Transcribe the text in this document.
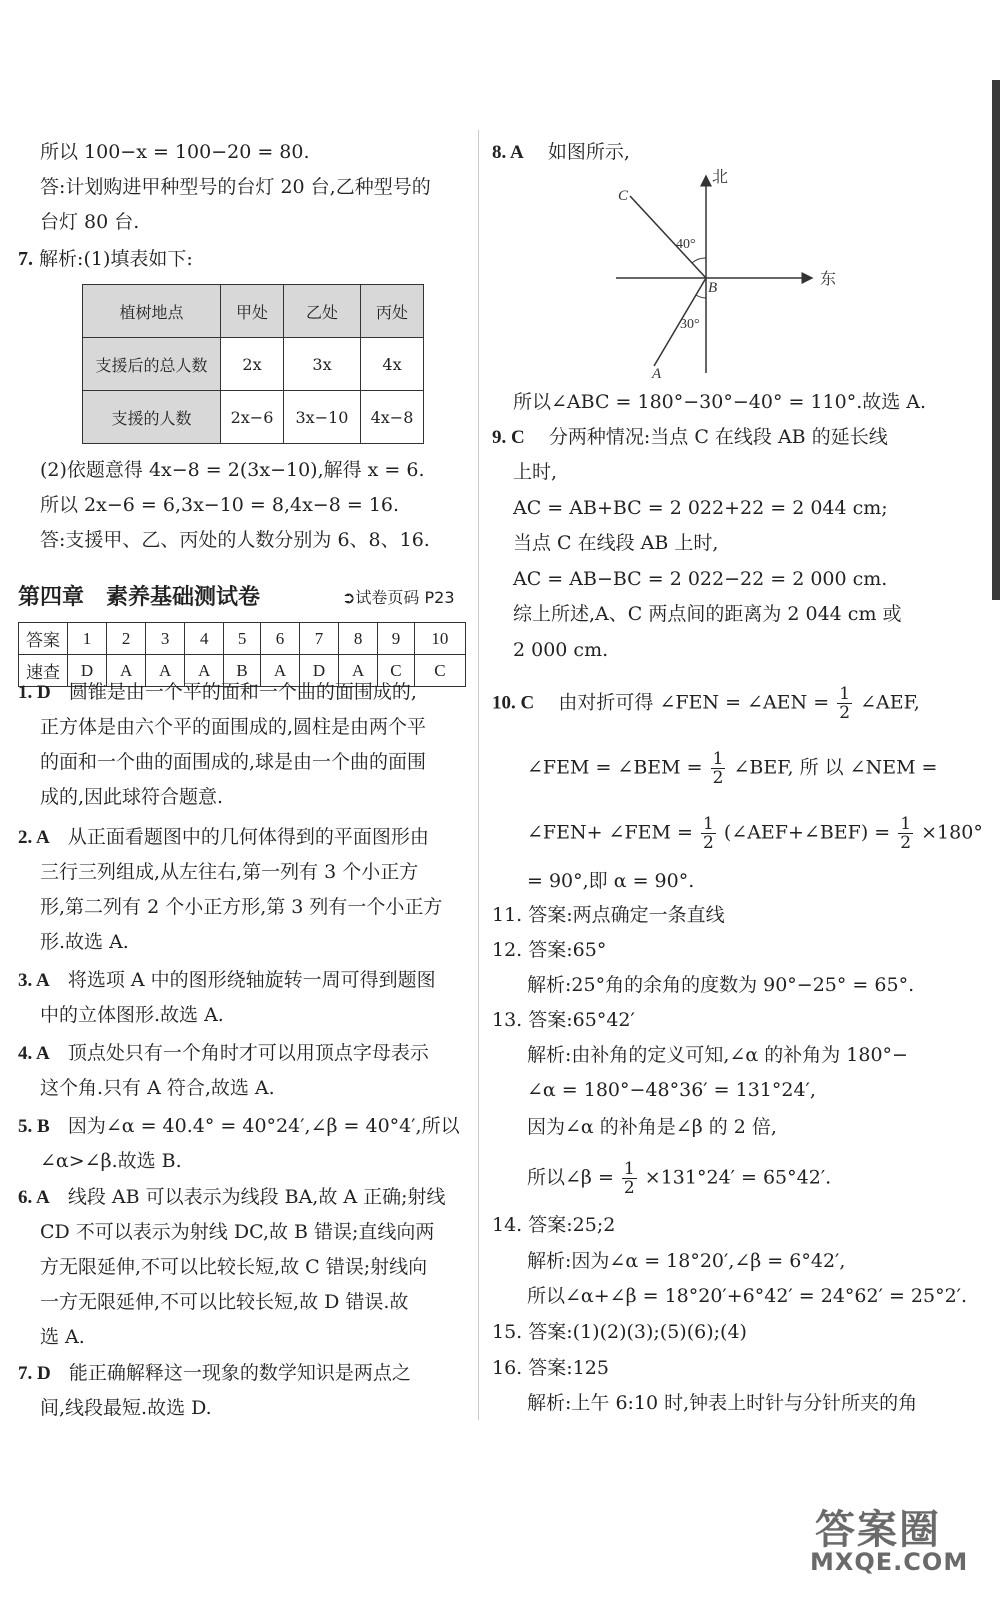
所以 100−x = 100−20 = 80.
答:计划购进甲种型号的台灯 20 台,乙种型号的
台灯 80 台.
7. 解析:(1)填表如下:
植树地点	甲处	乙处	丙处
支援后的总人数	2x	3x	4x
支援的人数	2x−6	3x−10	4x−8
(2)依题意得 4x−8 = 2(3x−10),解得 x = 6.
所以 2x−6 = 6,3x−10 = 8,4x−8 = 16.
答:支援甲、乙、丙处的人数分别为 6、8、16.
第四章　素养基础测试卷	➲试卷页码 P23
答案	1	2	3	4	5	6	7	8	9	10
速查	D	A	A	A	B	A	D	A	C	C
1. D 圆锥是由一个平的面和一个曲的面围成的,
正方体是由六个平的面围成的,圆柱是由两个平
的面和一个曲的面围成的,球是由一个曲的面围
成的,因此球符合题意.
2. A 从正面看题图中的几何体得到的平面图形由
三行三列组成,从左往右,第一列有 3 个小正方
形,第二列有 2 个小正方形,第 3 列有一个小正方
形.故选 A.
3. A 将选项 A 中的图形绕轴旋转一周可得到题图
中的立体图形.故选 A.
4. A 顶点处只有一个角时才可以用顶点字母表示
这个角.只有 A 符合,故选 A.
5. B 因为∠α = 40.4° = 40°24′,∠β = 40°4′,所以
∠α>∠β.故选 B.
6. A 线段 AB 可以表示为线段 BA,故 A 正确;射线
CD 不可以表示为射线 DC,故 B 错误;直线向两
方无限延伸,不可以比较长短,故 C 错误;射线向
一方无限延伸,不可以比较长短,故 D 错误.故
选 A.
7. D 能正确解释这一现象的数学知识是两点之
间,线段最短.故选 D.
8. A 如图所示,
北
东
C
B
A
40°
30°
所以∠ABC = 180°−30°−40° = 110°.故选 A.
9. C 分两种情况:当点 C 在线段 AB 的延长线
上时,
AC = AB+BC = 2 022+22 = 2 044 cm;
当点 C 在线段 AB 上时,
AC = AB−BC = 2 022−22 = 2 000 cm.
综上所述,A、C 两点间的距离为 2 044 cm 或
2 000 cm.
10. C 由对折可得 ∠FEN = ∠AEN = $\frac{1}{2}$ ∠AEF,
∠FEM = ∠BEM = $\frac{1}{2}$ ∠BEF, 所 以 ∠NEM =
∠FEN+ ∠FEM = $\frac{1}{2}$ (∠AEF+∠BEF) = $\frac{1}{2} \times 180^\circ$
= 90°,即 α = 90°.
11. 答案:两点确定一条直线
12. 答案:65°
解析:25°角的余角的度数为 90°−25° = 65°.
13. 答案:65°42′
解析:由补角的定义可知,∠α 的补角为 180°−
∠α = 180°−48°36′ = 131°24′,
因为∠α 的补角是∠β 的 2 倍,
所以∠β = $\frac{1}{2} \times 131^\circ 24' = 65^\circ 42'$.
14. 答案:25;2
解析:因为∠α = 18°20′,∠β = 6°42′,
所以∠α+∠β = 18°20′+6°42′ = 24°62′ = 25°2′.
15. 答案:(1)(2)(3);(5)(6);(4)
16. 答案:125
解析:上午 6:10 时,钟表上时针与分针所夹的角
答案圈
MXQE.COM
